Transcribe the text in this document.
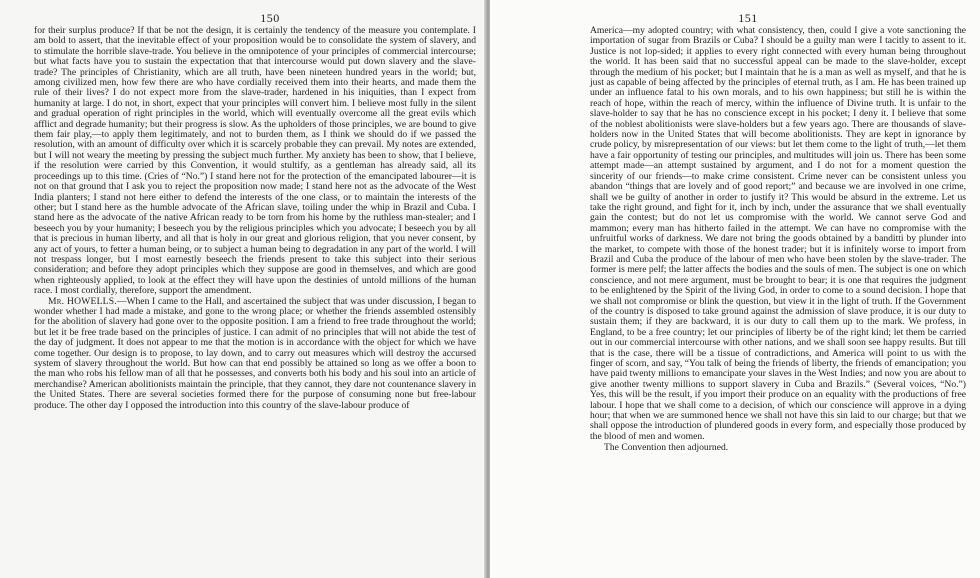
150

for their surplus produce? If that be not the design, it is certainly the tendency of the measure you contemplate. I am bold to assert, that the inevitable effect of your proposition would be to consolidate the system of slavery, and to stimulate the horrible slave-trade. You believe in the omnipotence of your principles of commercial intercourse; but what facts have you to sustain the expectation that that intercourse would put down slavery and the slave-trade? The principles of Christianity, which are all truth, have been nineteen hundred years in the world; but, among civilized men, how few there are who have cordially received them into their hearts, and made them the rule of their lives? I do not expect more from the slave-trader, hardened in his iniquities, than I expect from humanity at large. I do not, in short, expect that your principles will convert him. I believe most fully in the silent and gradual operation of right principles in the world, which will eventually overcome all the great evils which afflict and degrade humanity; but their progress is slow. As the upholders of those principles, we are bound to give them fair play,—to apply them legitimately, and not to burden them, as I think we should do if we passed the resolution, with an amount of difficulty over which it is scarcely probable they can prevail. My notes are extended, but I will not weary the meeting by pressing the subject much further. My anxiety has been to show, that I believe, if the resolution were carried by this Convention, it would stultify, as a gentleman has already said, all its proceedings up to this time. (Cries of “No.”) I stand here not for the protection of the emancipated labourer—it is not on that ground that I ask you to reject the proposition now made; I stand here not as the advocate of the West India planters; I stand not here either to defend the interests of the one class, or to maintain the interests of the other; but I stand here as the humble advocate of the African slave, toiling under the whip in Brazil and Cuba. I stand here as the advocate of the native African ready to be torn from his home by the ruthless man-stealer; and I beseech you by your humanity; I beseech you by the religious principles which you advocate; I beseech you by all that is precious in human liberty, and all that is holy in our great and glorious religion, that you never consent, by any act of yours, to fetter a human being, or to subject a human being to degradation in any part of the world. I will not trespass longer, but I most earnestly beseech the friends present to take this subject into their serious consideration; and before they adopt principles which they suppose are good in themselves, and which are good when righteously applied, to look at the effect they will have upon the destinies of untold millions of the human race. I most cordially, therefore, support the amendment.

Mr. HOWELLS.—When I came to the Hall, and ascertained the subject that was under discussion, I began to wonder whether I had made a mistake, and gone to the wrong place; or whether the friends assembled ostensibly for the abolition of slavery had gone over to the opposite position. I am a friend to free trade throughout the world; but let it be free trade based on the principles of justice. I can admit of no principles that will not abide the test of the day of judgment. It does not appear to me that the motion is in accordance with the object for which we have come together. Our design is to propose, to lay down, and to carry out measures which will destroy the accursed system of slavery throughout the world. But how can that end possibly be attained so long as we offer a boon to the man who robs his fellow man of all that he possesses, and converts both his body and his soul into an article of merchandise? American abolitionists maintain the principle, that they cannot, they dare not countenance slavery in the United States. There are several societies formed there for the purpose of consuming none but free-labour produce. The other day I opposed the introduction into this country of the slave-labour produce of

151

America—my adopted country; with what consistency, then, could I give a vote sanctioning the importation of sugar from Brazils or Cuba? I should be a guilty man were I tacitly to assent to it. Justice is not lop-sided; it applies to every right connected with every human being throughout the world. It has been said that no successful appeal can be made to the slave-holder, except through the medium of his pocket; but I maintain that he is a man as well as myself, and that he is just as capable of being affected by the principles of eternal truth, as I am. He has been trained up under an influence fatal to his own morals, and to his own happiness; but still he is within the reach of hope, within the reach of mercy, within the influence of Divine truth. It is unfair to the slave-holder to say that he has no conscience except in his pocket; I deny it. I believe that some of the noblest abolitionists were slave-holders but a few years ago. There are thousands of slave-holders now in the United States that will become abolitionists. They are kept in ignorance by crude policy, by misrepresentation of our views: but let them come to the light of truth,—let them have a fair opportunity of testing our principles, and multitudes will join us. There has been some attempt made—an attempt sustained by argument, and I do not for a moment question the sincerity of our friends—to make crime consistent. Crime never can be consistent unless you abandon “things that are lovely and of good report;” and because we are involved in one crime, shall we be guilty of another in order to justify it? This would be absurd in the extreme. Let us take the right ground, and fight for it, inch by inch, under the assurance that we shall eventually gain the contest; but do not let us compromise with the world. We cannot serve God and mammon; every man has hitherto failed in the attempt. We can have no compromise with the unfruitful works of darkness. We dare not bring the goods obtained by a banditti by plunder into the market, to compete with those of the honest trader; but it is infinitely worse to import from Brazil and Cuba the produce of the labour of men who have been stolen by the slave-trader. The former is mere pelf; the latter affects the bodies and the souls of men. The subject is one on which conscience, and not mere argument, must be brought to bear; it is one that requires the judgment to be enlightened by the Spirit of the living God, in order to come to a sound decision. I hope that we shall not compromise or blink the question, but view it in the light of truth. If the Government of the country is disposed to take ground against the admission of slave produce, it is our duty to sustain them; if they are backward, it is our duty to call them up to the mark. We profess, in England, to be a free country; let our principles of liberty be of the right kind; let them be carried out in our commercial intercourse with other nations, and we shall soon see happy results. But till that is the case, there will be a tissue of contradictions, and America will point to us with the finger of scorn, and say, “You talk of being the friends of liberty, the friends of emancipation; you have paid twenty millions to emancipate your slaves in the West Indies; and now you are about to give another twenty millions to support slavery in Cuba and Brazils.” (Several voices, “No.”) Yes, this will be the result, if you import their produce on an equality with the productions of free labour. I hope that we shall come to a decision, of which our conscience will approve in a dying hour; that when we are summoned hence we shall not have this sin laid to our charge; but that we shall oppose the introduction of plundered goods in every form, and especially those produced by the blood of men and women.

The Convention then adjourned.
